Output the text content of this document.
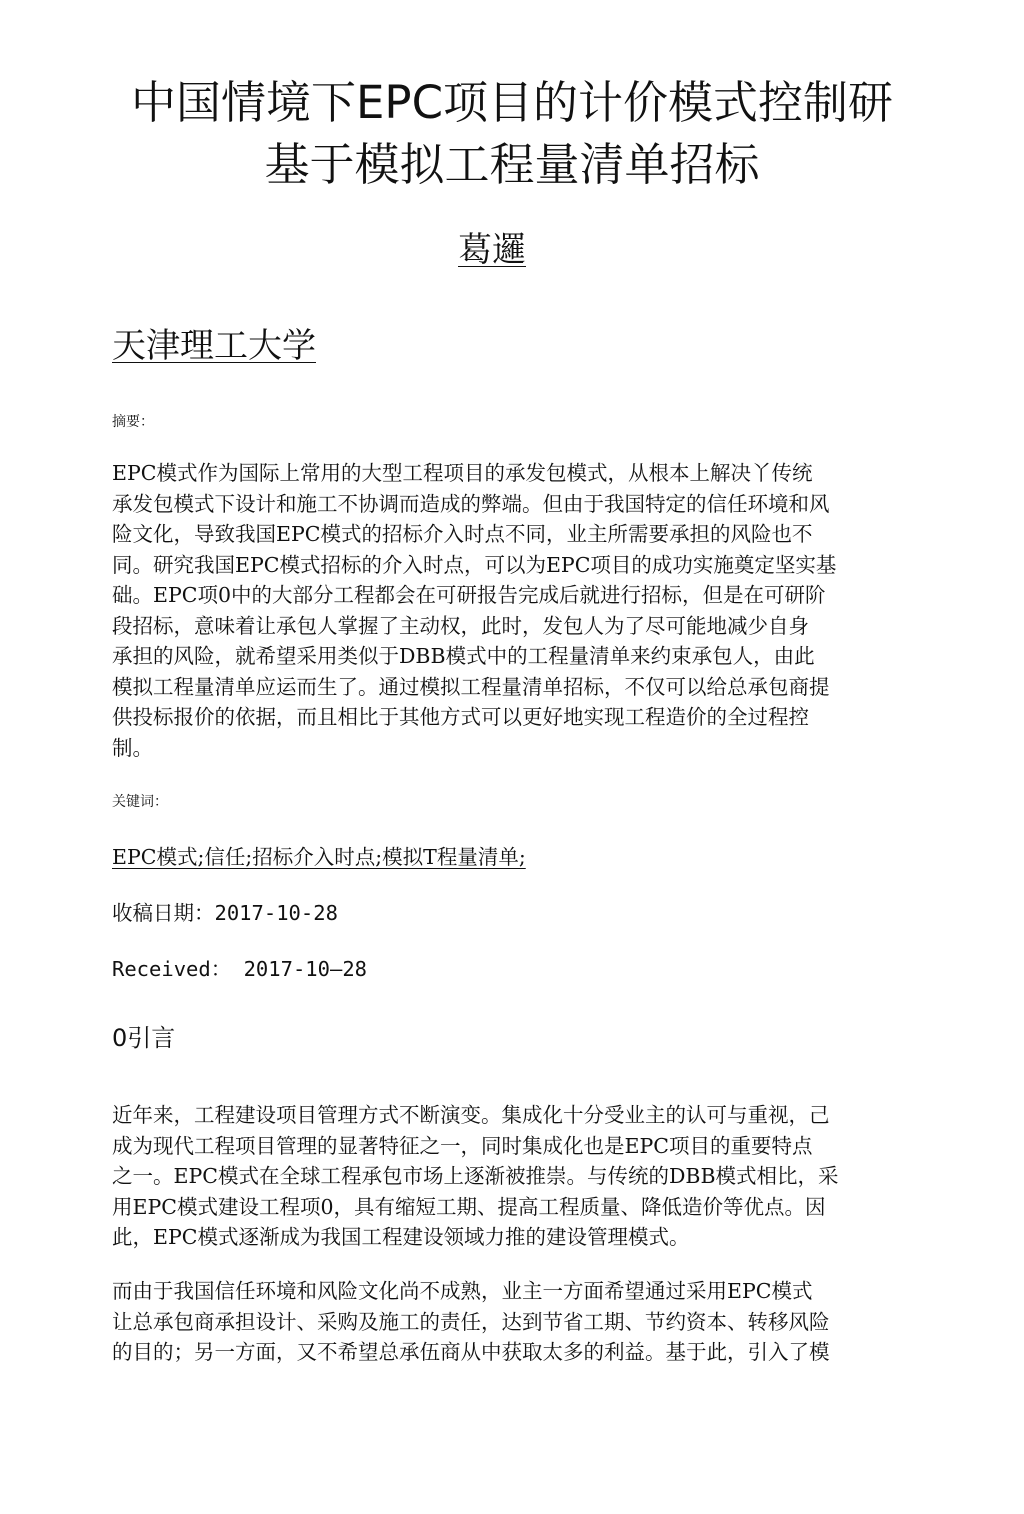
中国情境下EPC项目的计价模式控制研
基于模拟工程量清单招标
葛邏
天津理工大学
摘要：

EPC模式作为国际上常用的大型工程项目的承发包模式，从根本上解决丫传统
承发包模式下设计和施工不协调而造成的弊端。但由于我国特定的信任环境和风
险文化，导致我国EPC模式的招标介入时点不同，业主所需要承担的风险也不
同。研究我国EPC模式招标的介入时点，可以为EPC项目的成功实施奠定坚实基
础。EPC项0中的大部分工程都会在可研报告完成后就进行招标，但是在可研阶
段招标，意味着让承包人掌握了主动权，此时，发包人为了尽可能地减少自身
承担的风险，就希望采用类似于DBB模式中的工程量清单来约束承包人，由此
模拟工程量清单应运而生了。通过模拟工程量清单招标，不仅可以给总承包商提
供投标报价的依据，而且相比于其他方式可以更好地实现工程造价的全过程控
制。

关键词：
EPC模式;信任;招标介入时点;模拟T程量清单;
收稿日期：2017-10-28
Received： 2017-10—28
0引言

近年来，工程建设项目管理方式不断演变。集成化十分受业主的认可与重视，己
成为现代工程项目管理的显著特征之一，同时集成化也是EPC项目的重要特点
之一。EPC模式在全球工程承包市场上逐渐被推崇。与传统的DBB模式相比，采
用EPC模式建设工程项0，具有缩短工期、提高工程质量、降低造价等优点。因
此，EPC模式逐渐成为我国工程建设领域力推的建设管理模式。

而由于我国信任环境和风险文化尚不成熟，业主一方面希望通过采用EPC模式
让总承包商承担设计、采购及施工的责任，达到节省工期、节约资本、转移风险
的目的；另一方面，又不希望总承伍商从中获取太多的利益。基于此，引入了模
